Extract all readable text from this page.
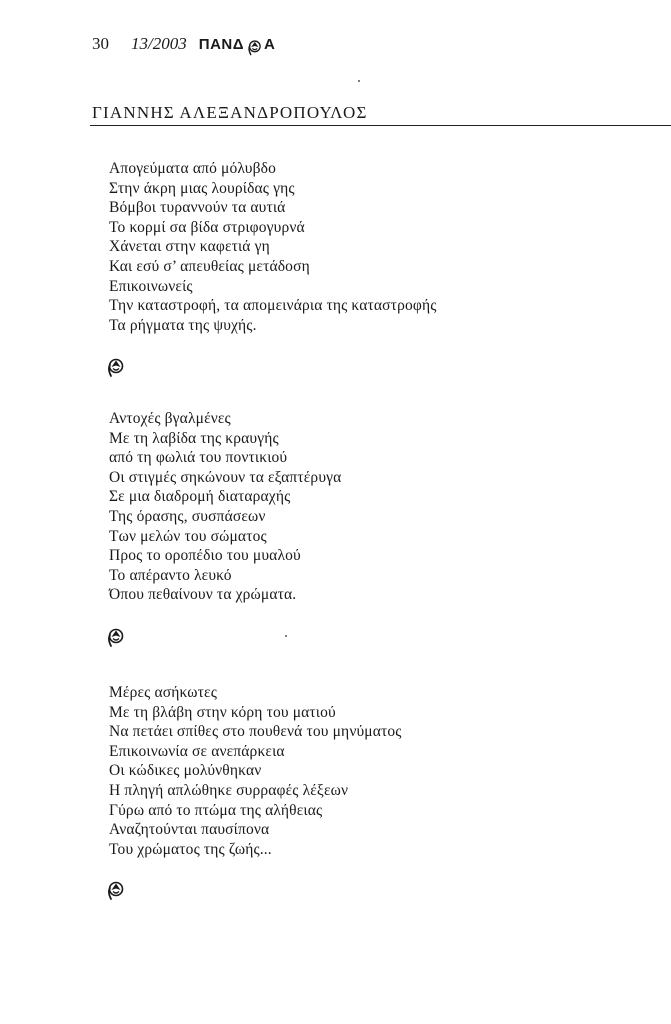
30 13/2003 ΠΑΝΔ Α
ΓΙΑΝΝΗΣ ΑΛΕΞΑΝΔΡΟΠΟΥΛΟΣ
Απογεύματα από μόλυβδο
Στην άκρη μιας λουρίδας γης
Βόμβοι τυραννούν τα αυτιά
Το κορμί σα βίδα στριφογυρνά
Χάνεται στην καφετιά γη
Και εσύ σ’ απευθείας μετάδοση
Επικοινωνείς
Την καταστροφή, τα απομεινάρια της καταστροφής
Τα ρήγματα της ψυχής.
Αντοχές βγαλμένες
Με τη λαβίδα της κραυγής
από τη φωλιά του ποντικιού
Οι στιγμές σηκώνουν τα εξαπτέρυγα
Σε μια διαδρομή διαταραχής
Της όρασης, συσπάσεων
Των μελών του σώματος
Προς το οροπέδιο του μυαλού
Το απέραντο λευκό
Όπου πεθαίνουν τα χρώματα.
Μέρες ασήκωτες
Με τη βλάβη στην κόρη του ματιού
Να πετάει σπίθες στο πουθενά του μηνύματος
Επικοινωνία σε ανεπάρκεια
Οι κώδικες μολύνθηκαν
Η πληγή απλώθηκε συρραφές λέξεων
Γύρω από το πτώμα της αλήθειας
Αναζητούνται παυσίπονα
Του χρώματος της ζωής...
